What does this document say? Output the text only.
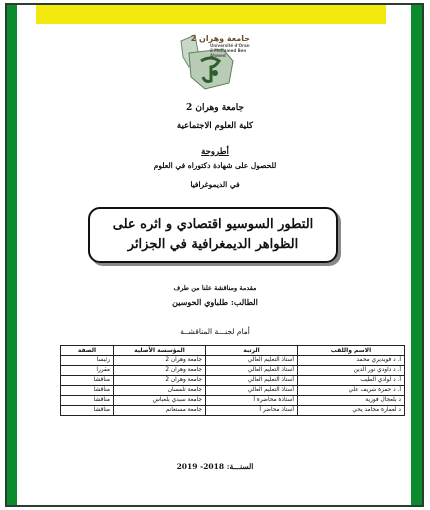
جامعة وهران 2
Université d'Oran 2 Mohamed Ben Ahmed
جامعة وهران 2
كلية العلوم الاجتماعية
أطروحة
للحصول على شهادة دكتوراه في العلوم
في الديموغرافيا
التطور السوسيو اقتصادي و اثره على
الظواهر الديمغرافية في الجزائر
مقدمة ومناقشة علنا من طرف
الطالب: طلباوي الحوسين
أمام لجنـــة المناقشــة
الاسم واللقب	الرتبة	المؤسسة الأصلية	الصفة
أ. د فويديري محمد	أستاذ التعليم العالي	جامعة وهران 2	رئيسا
أ. د داودي نور الدين	أستاذ التعليم العالي	جامعة وهران 2	مقررا
أ. د لوادي الطيب	أستاذ التعليم العالي	جامعة وهران 2	مناقشا
أ. د حمزة شريف علي	أستاذ التعليم العالي	جامعة تلمسان	مناقشا
د بلعجال فوزية	أستاذة محاضرة أ	جامعة سيدي بلعباس	مناقشا
د لعمارة محامد يحي	أستاذ محاضر أ	جامعة مستغانم	مناقشا
السنـــة: 2018- 2019
